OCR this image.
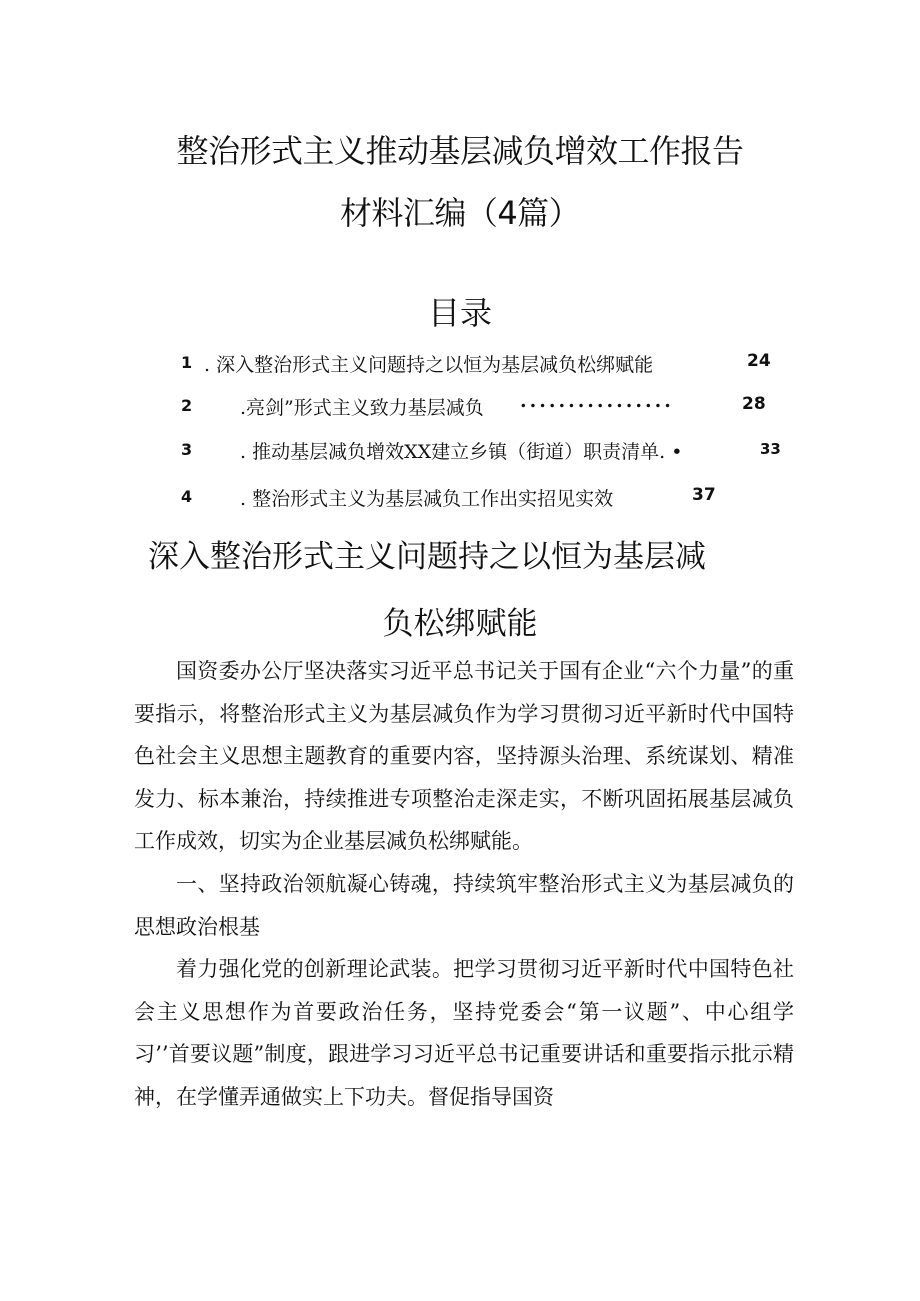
整治形式主义推动基层减负增效工作报告
材料汇编（4篇）
目录
1 . 深入整治形式主义问题持之以恒为基层减负松绑赋能	24
2	.亮剑”形式主义致力基层减负 ................	28
3	. 推动基层减负增效XX建立乡镇（街道）职责清单. •	33
4	. 整治形式主义为基层减负工作出实招见实效	37
深入整治形式主义问题持之以恒为基层减
负松绑赋能

国资委办公厅坚决落实习近平总书记关于国有企业“六个力量”的重要指示，将整治形式主义为基层减负作为学习贯彻习近平新时代中国特色社会主义思想主题教育的重要内容，坚持源头治理、系统谋划、精准发力、标本兼治，持续推进专项整治走深走实，不断巩固拓展基层减负工作成效，切实为企业基层减负松绑赋能。

一、坚持政治领航凝心铸魂，持续筑牢整治形式主义为基层减负的思想政治根基

着力强化党的创新理论武装。把学习贯彻习近平新时代中国特色社会主义思想作为首要政治任务，坚持党委会“第一议题”、中心组学习’’首要议题”制度，跟进学习习近平总书记重要讲话和重要指示批示精神，在学懂弄通做实上下功夫。督促指导国资
